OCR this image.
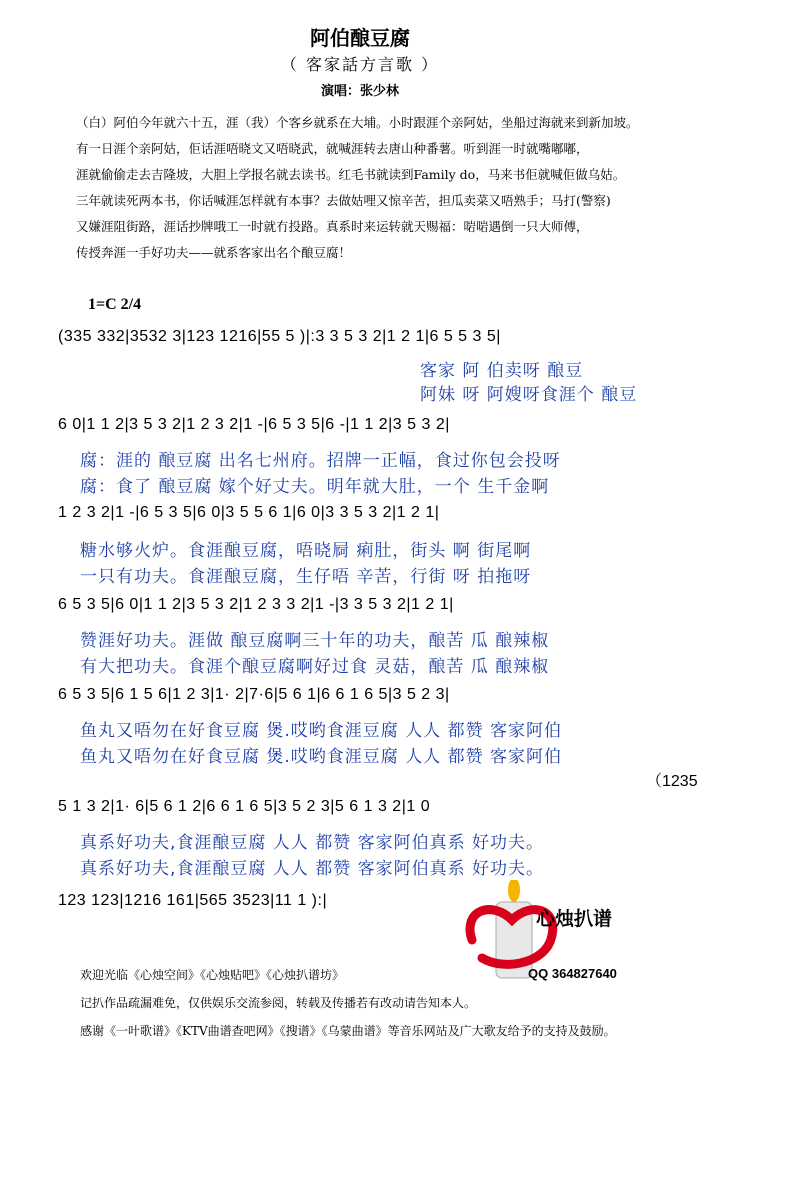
阿伯酿豆腐
（ 客家話方言歌 ）
演唱：张少林
（白）阿伯今年就六十五，涯（我）个客乡就系在大埔。小时跟涯个亲阿姑，坐船过海就来到新加坡。
有一日涯个亲阿姑，佢话涯唔晓文又唔晓武，就喊涯转去唐山种番薯。听到涯一时就嘴嘟嘟，
涯就偷偷走去吉隆坡，大胆上学报名就去读书。红毛书就读到Family do，马来书佢就喊佢做乌姑。
三年就读死两本书，你话喊涯怎样就有本事？去做姑哩又惊辛苦，担瓜卖菜又唔熟手；马打(警察)
又嫌涯阻街路，涯话抄牌哦工一时就冇投路。真系时来运转就天赐福：啱啱遇倒一只大师傅，
传授奔涯一手好功夫——就系客家出名个酿豆腐！
1=C 2/4
(335 332|3532 3|123 1216|55 5 )|:3 3 5 3 2|1 2 1|6 5 5 3 5|
客家 阿 伯卖呀 酿豆
阿妹 呀 阿嫂呀食涯个 酿豆
6 0|1 1 2|3 5 3 2|1 2 3 2|1 -|6 5 3 5|6 -|1 1 2|3 5 3 2|
腐：涯的 酿豆腐 出名七州府。招牌一正幅，食过你包会投呀
腐：食了 酿豆腐 嫁个好丈夫。明年就大肚，一个 生千金啊
1 2 3 2|1 -|6 5 3 5|6 0|3 5 5 6 1|6 0|3 3 5 3 2|1 2 1|
糖水够火炉。食涯酿豆腐，唔晓屙 痢肚，街头 啊 街尾啊
一只有功夫。食涯酿豆腐，生仔唔 辛苦，行街 呀 拍拖呀
6 5 3 5|6 0|1 1 2|3 5 3 2|1 2 3 3 2|1 -|3 3 5 3 2|1 2 1|
赞涯好功夫。涯做 酿豆腐啊三十年的功夫，酿苦 瓜 酿辣椒
有大把功夫。食涯个酿豆腐啊好过食 灵菇，酿苦 瓜 酿辣椒
6 5 3 5|6 1 5 6|1 2 3|1· 2|7·6|5 6 1|6 6 1 6 5|3 5 2 3|
鱼丸又唔勿在好食豆腐 煲.哎哟食涯豆腐 人人 都赞 客家阿伯
鱼丸又唔勿在好食豆腐 煲.哎哟食涯豆腐 人人 都赞 客家阿伯
（1235
5 1 3 2|1· 6|5 6 1 2|6 6 1 6 5|3 5 2 3|5 6 1 3 2|1 0
真系好功夫,食涯酿豆腐 人人 都赞 客家阿伯真系 好功夫。
真系好功夫,食涯酿豆腐 人人 都赞 客家阿伯真系 好功夫。
123 123|1216 161|565 3523|11 1 ):|
心烛扒谱
QQ 364827640
欢迎光临《心烛空间》《心烛贴吧》《心烛扒谱坊》
记扒作品疏漏难免，仅供娱乐交流参阅，转载及传播若有改动请告知本人。
感谢《一叶歌谱》《KTV曲谱查吧网》《搜谱》《乌蒙曲谱》等音乐网站及广大歌友给予的支持及鼓励。
